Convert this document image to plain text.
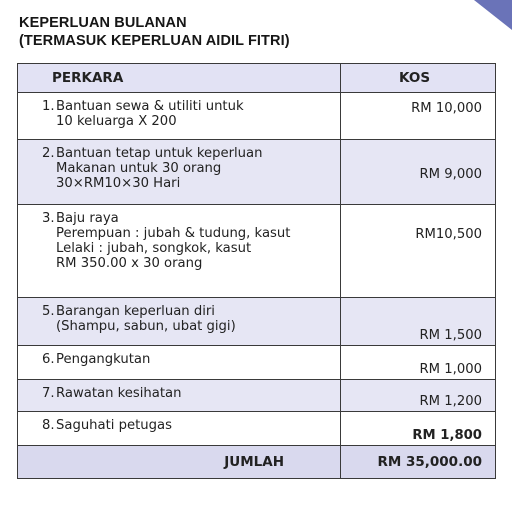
KEPERLUAN BULANAN
(TERMASUK KEPERLUAN AIDIL FITRI)
PERKARA	KOS

1.Bantuan sewa & utiliti untuk
10 keluarga X 200	RM 10,000

2.Bantuan tetap untuk keperluan
Makanan untuk 30 orang
30×RM10×30 Hari	RM 9,000

3.Baju raya
Perempuan : jubah & tudung, kasut
Lelaki : jubah, songkok, kasut
RM 350.00 x 30 orang	RM10,500

5.Barangan keperluan diri
(Shampu, sabun, ubat gigi)	RM 1,500

6.Pengangkutan	RM 1,000

7.Rawatan kesihatan	RM 1,200

8.Saguhati petugas	RM 1,800
JUMLAH	RM 35,000.00
